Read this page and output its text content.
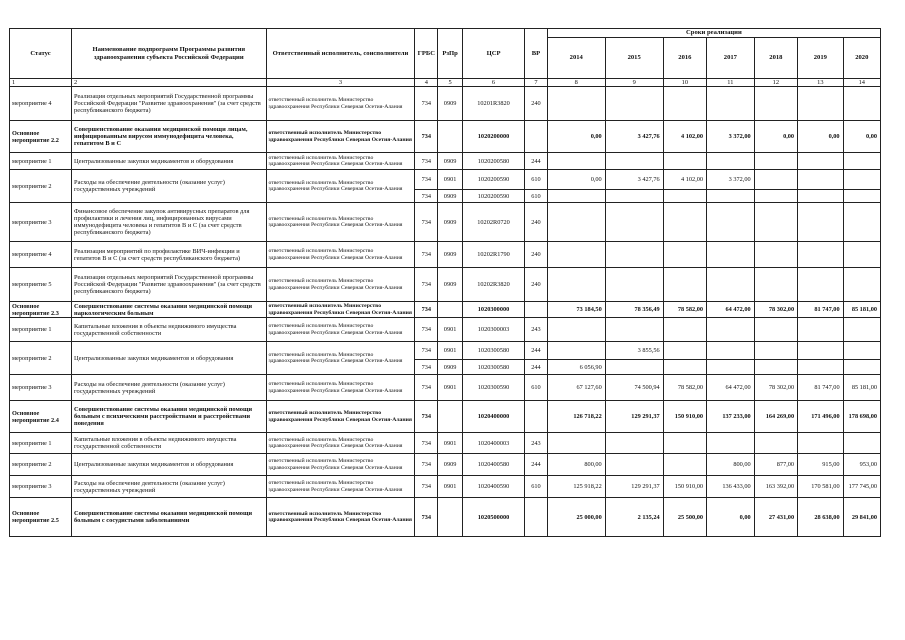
Статус	Наименование подпрограмм Программы развития здравоохранения субъекта Российской Федерации	Ответственный исполнитель, соисполнители	ГРБС	РзПр	ЦСР	ВР	Сроки реализации						
							2014	2015	2016	2017	2018	2019	2020
1	2	3	4	5	6	7	8	9	10	11	12	13	14
мероприятие 4	Реализация отдельных мероприятий Государственной программы Российской Федерации "Развитие здравоохранения" (за счет средств республиканского бюджета)	ответственный исполнитель Министерство здравоохранения Республики Северная Осетия-Алания	734	0909	10201R3820	240							
Основное мероприятие 2.2	Совершенствование оказания медицинской помощи лицам, инфицированным вирусом иммунодефицита человека, гепатитом В и С	ответственный исполнитель Министерство здравоохранения Республики Северная Осетия-Алания	734		1020200000		0,00	3 427,76	4 102,00	3 372,00	0,00	0,00	0,00
мероприятие 1	Централизованные закупки медикаментов и оборудования	ответственный исполнитель Министерство здравоохранения Республики Северная Осетия-Алания	734	0909	1020200580	244							
мероприятие 2	Расходы на обеспечение деятельности (оказание услуг) государственных учреждений	ответственный исполнитель Министерство здравоохранения Республики Северная Осетия-Алания	734	0901	1020200590	610	0,00	3 427,76	4 102,00	3 372,00			
			734	0909	1020200590	610							
мероприятие 3	Финансовое обеспечение закупок антивирусных препаратов для профилактики и лечения лиц, инфицированных вирусами иммунодефицита человека и гепатитов В и С (за счет средств республиканского бюджета)	ответственный исполнитель Министерство здравоохранения Республики Северная Осетия-Алания	734	0909	10202R0720	240							
мероприятие 4	Реализация мероприятий по профилактике ВИЧ-инфекции и гепатитов В и С (за счет средств республиканского бюджета)	ответственный исполнитель Министерство здравоохранения Республики Северная Осетия-Алания	734	0909	10202R1790	240							
мероприятие 5	Реализация отдельных мероприятий Государственной программы Российской Федерации "Развитие здравоохранения" (за счет средств республиканского бюджета)	ответственный исполнитель Министерство здравоохранения Республики Северная Осетия-Алания	734	0909	10202R3820	240							
Основное мероприятие 2.3	Совершенствование системы оказания медицинской помощи наркологическим больным	ответственный исполнитель Министерство здравоохранения Республики Северная Осетия-Алания	734		1020300000		73 184,50	78 356,49	78 582,00	64 472,00	78 302,00	81 747,00	85 181,00
мероприятие 1	Капитальные вложения в объекты недвижимого имущества государственной собственности	ответственный исполнитель Министерство здравоохранения Республики Северная Осетия-Алания	734	0901	1020300003	243							
мероприятие 2	Централизованные закупки медикаментов и оборудования	ответственный исполнитель Министерство здравоохранения Республики Северная Осетия-Алания	734	0901	1020300580	244		3 855,56					
			734	0909	1020300580	244	6 056,90						
мероприятие 3	Расходы на обеспечение деятельности (оказание услуг) государственных учреждений	ответственный исполнитель Министерство здравоохранения Республики Северная Осетия-Алания	734	0901	1020300590	610	67 127,60	74 500,94	78 582,00	64 472,00	78 302,00	81 747,00	85 181,00
Основное мероприятие 2.4	Совершенствование системы оказания медицинской помощи больным с психическими расстройствами и расстройствами поведения	ответственный исполнитель Министерство здравоохранения Республики Северная Осетия-Алания	734		1020400000		126 718,22	129 291,37	150 910,00	137 233,00	164 269,00	171 496,00	178 698,00
мероприятие 1	Капитальные вложения в объекты недвижимого имущества государственной собственности	ответственный исполнитель Министерство здравоохранения Республики Северная Осетия-Алания	734	0901	1020400003	243							
мероприятие 2	Централизованные закупки медикаментов и оборудования	ответственный исполнитель Министерство здравоохранения Республики Северная Осетия-Алания	734	0909	1020400580	244	800,00			800,00	877,00	915,00	953,00
мероприятие 3	Расходы на обеспечение деятельности (оказание услуг) государственных учреждений	ответственный исполнитель Министерство здравоохранения Республики Северная Осетия-Алания	734	0901	1020400590	610	125 918,22	129 291,37	150 910,00	136 433,00	163 392,00	170 581,00	177 745,00
Основное мероприятие 2.5	Совершенствование системы оказания медицинской помощи больным с сосудистыми заболеваниями	ответственный исполнитель Министерство здравоохранения Республики Северная Осетия-Алания	734		1020500000		25 000,00	2 135,24	25 500,00	0,00	27 431,00	28 638,00	29 841,00
